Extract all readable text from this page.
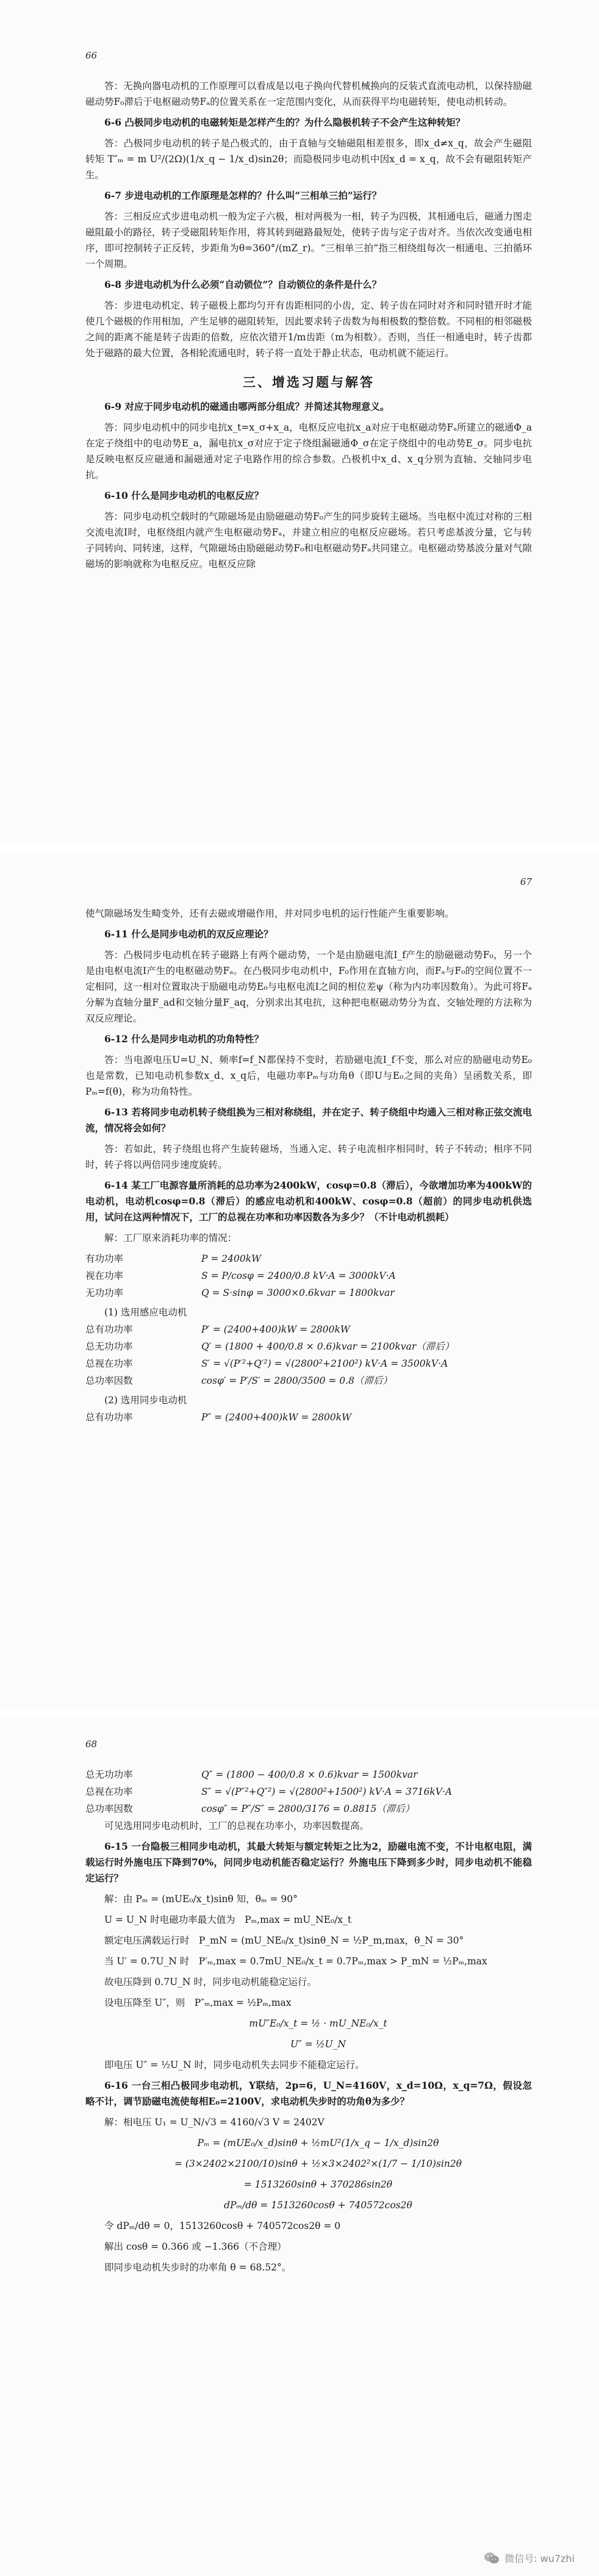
66

答：无换向器电动机的工作原理可以看成是以电子换向代替机械换向的反装式直流电动机，以保持励磁磁动势F₀滞后于电枢磁动势Fₐ的位置关系在一定范围内变化，从而获得平均电磁转矩，使电动机转动。

6-6 凸极同步电动机的电磁转矩是怎样产生的？为什么隐极机转子不会产生这种转矩？

答：凸极同步电动机的转子是凸极式的，由于直轴与交轴磁阻相差很多，即x_d≠x_q，故会产生磁阻转矩 T″ₘ = m U²/(2Ω)(1/x_q − 1/x_d)sin2θ；而隐极同步电动机中因x_d = x_q，故不会有磁阻转矩产生。

6-7 步进电动机的工作原理是怎样的？什么叫“三相单三拍”运行？

答：三相反应式步进电动机一般为定子六极，相对两极为一相，转子为四极，其相通电后，磁通力图走磁阻最小的路径，转子受磁阻转矩作用，将其转到磁路最短处，使转子齿与定子齿对齐。当依次改变通电相序，即可控制转子正反转，步距角为θ=360°/(mZ_r)。“三相单三拍”指三相绕组每次一相通电、三拍循环一个周期。

6-8 步进电动机为什么必须“自动锁位”？自动锁位的条件是什么？

答：步进电动机定、转子磁极上都均匀开有齿距相同的小齿，定、转子齿在同时对齐和同时错开时才能使几个磁极的作用相加，产生足够的磁阻转矩，因此要求转子齿数为每相极数的整倍数。不同相的相邻磁极之间的距离不能是转子齿距的倍数，应依次错开1/m齿距（m为相数）。否则，当任一相通电时，转子齿都处于磁路的最大位置，各相轮流通电时，转子将一直处于静止状态，电动机就不能运行。

三、增选习题与解答

6-9 对应于同步电动机的磁通由哪两部分组成？并简述其物理意义。

答：同步电动机中的同步电抗x_t=x_σ+x_a，电枢反应电抗x_a对应于电枢磁动势Fₐ所建立的磁通Φ_a在定子绕组中的电动势E_a，漏电抗x_σ对应于定子绕组漏磁通Φ_σ在定子绕组中的电动势E_σ。同步电抗是反映电枢反应磁通和漏磁通对定子电路作用的综合参数。凸极机中x_d、x_q分别为直轴、交轴同步电抗。

6-10 什么是同步电动机的电枢反应？

答：同步电动机空载时的气隙磁场是由励磁磁动势F₀产生的同步旋转主磁场。当电枢中流过对称的三相交流电流I时，电枢绕组内就产生电枢磁动势Fₐ，并建立相应的电枢反应磁场。若只考虑基波分量，它与转子同转向、同转速，这样，气隙磁场由励磁磁动势F₀和电枢磁动势Fₐ共同建立。电枢磁动势基波分量对气隙磁场的影响就称为电枢反应。电枢反应除

67

使气隙磁场发生畸变外，还有去磁或增磁作用，并对同步电机的运行性能产生重要影响。

6-11 什么是同步电动机的双反应理论？

答：凸极同步电动机在转子磁路上有两个磁动势，一个是由励磁电流I_f产生的励磁磁动势F₀，另一个是由电枢电流I产生的电枢磁动势Fₐ。在凸极同步电动机中，F₀作用在直轴方向，而Fₐ与F₀的空间位置不一定相同，这一相对位置取决于励磁电动势E₀与电枢电流I之间的相位差ψ（称为内功率因数角）。为此可将Fₐ分解为直轴分量F_ad和交轴分量F_aq，分别求出其电抗，这种把电枢磁动势分为直、交轴处理的方法称为双反应理论。

6-12 什么是同步电动机的功角特性？

答：当电源电压U=U_N、频率f=f_N都保持不变时，若励磁电流I_f不变，那么对应的励磁电动势E₀也是常数，已知电动机参数x_d、x_q后，电磁功率Pₘ与功角θ（即U与E₀之间的夹角）呈函数关系，即Pₘ=f(θ)，称为功角特性。

6-13 若将同步电动机转子绕组换为三相对称绕组，并在定子、转子绕组中均通入三相对称正弦交流电流，情况将会如何？

答：若如此，转子绕组也将产生旋转磁场，当通入定、转子电流相序相同时，转子不转动；相序不同时，转子将以两倍同步速度旋转。

6-14 某工厂电源容量所消耗的总功率为2400kW，cosφ=0.8（滞后），今欲增加功率为400kW的电动机，电动机cosφ=0.8（滞后）的感应电动机和400kW、cosφ=0.8（超前）的同步电动机供选用，试问在这两种情况下，工厂的总视在功率和功率因数各为多少？（不计电动机损耗）

解：工厂原来消耗功率的情况：

有功功率	P = 2400kW
视在功率	S = P/cosφ = 2400/0.8 kV·A = 3000kV·A
无功功率	Q = S·sinφ = 3000×0.6kvar = 1800kvar
(1) 选用感应电动机
总有功功率	P′ = (2400+400)kW = 2800kW
总无功功率	Q′ = (1800 + 400/0.8 × 0.6)kvar = 2100kvar（滞后）
总视在功率	S′ = √(P′²+Q′²) = √(2800²+2100²) kV·A = 3500kV·A
总功率因数	cosφ′ = P′/S′ = 2800/3500 = 0.8（滞后）
(2) 选用同步电动机
总有功功率	P″ = (2400+400)kW = 2800kW
68
总无功功率	Q″ = (1800 − 400/0.8 × 0.6)kvar = 1500kvar
总视在功率	S″ = √(P″²+Q″²) = √(2800²+1500²) kV·A = 3716kV·A
总功率因数	cosφ″ = P″/S″ = 2800/3176 = 0.8815（滞后）

可见选用同步电动机时，工厂的总视在功率小，功率因数提高。

6-15 一台隐极三相同步电动机，其最大转矩与额定转矩之比为2，励磁电流不变，不计电枢电阻，满载运行时外施电压下降到70%，问同步电动机能否稳定运行？外施电压下降到多少时，同步电动机不能稳定运行？

解：由 Pₘ = (mUE₀/x_t)sinθ 知，θₘ = 90°

U = U_N 时电磁功率最大值为　Pₘ,max = mU_NE₀/x_t

额定电压满载运行时　P_mN = (mU_NE₀/x_t)sinθ_N = ½P_m,max，θ_N = 30°

当 U′ = 0.7U_N 时　P′ₘ,max = 0.7mU_NE₀/x_t = 0.7Pₘ,max > P_mN = ½Pₘ,max

故电压降到 0.7U_N 时，同步电动机能稳定运行。

设电压降至 U″，则　P″ₘ,max = ½Pₘ,max

mU″E₀/x_t = ½ · mU_NE₀/x_t

U″ = ½U_N

即电压 U″ = ½U_N 时，同步电动机失去同步不能稳定运行。

6-16 一台三相凸极同步电动机，Y联结，2p=6，U_N=4160V，x_d=10Ω，x_q=7Ω，假设忽略不计，调节励磁电流使每相E₀=2100V，求电动机失步时的功角θ为多少？

解：相电压 U₁ = U_N/√3 = 4160/√3 V = 2402V

Pₘ = (mUE₀/x_d)sinθ + ½mU²(1/x_q − 1/x_d)sin2θ

= (3×2402×2100/10)sinθ + ½×3×2402²×(1/7 − 1/10)sin2θ

= 1513260sinθ + 370286sin2θ

dPₘ/dθ = 1513260cosθ + 740572cos2θ

令 dPₘ/dθ = 0，1513260cosθ + 740572cos2θ = 0

解出 cosθ = 0.366 或 −1.366（不合理）

即同步电动机失步时的功率角 θ = 68.52°。

微信号: wu7zhi
